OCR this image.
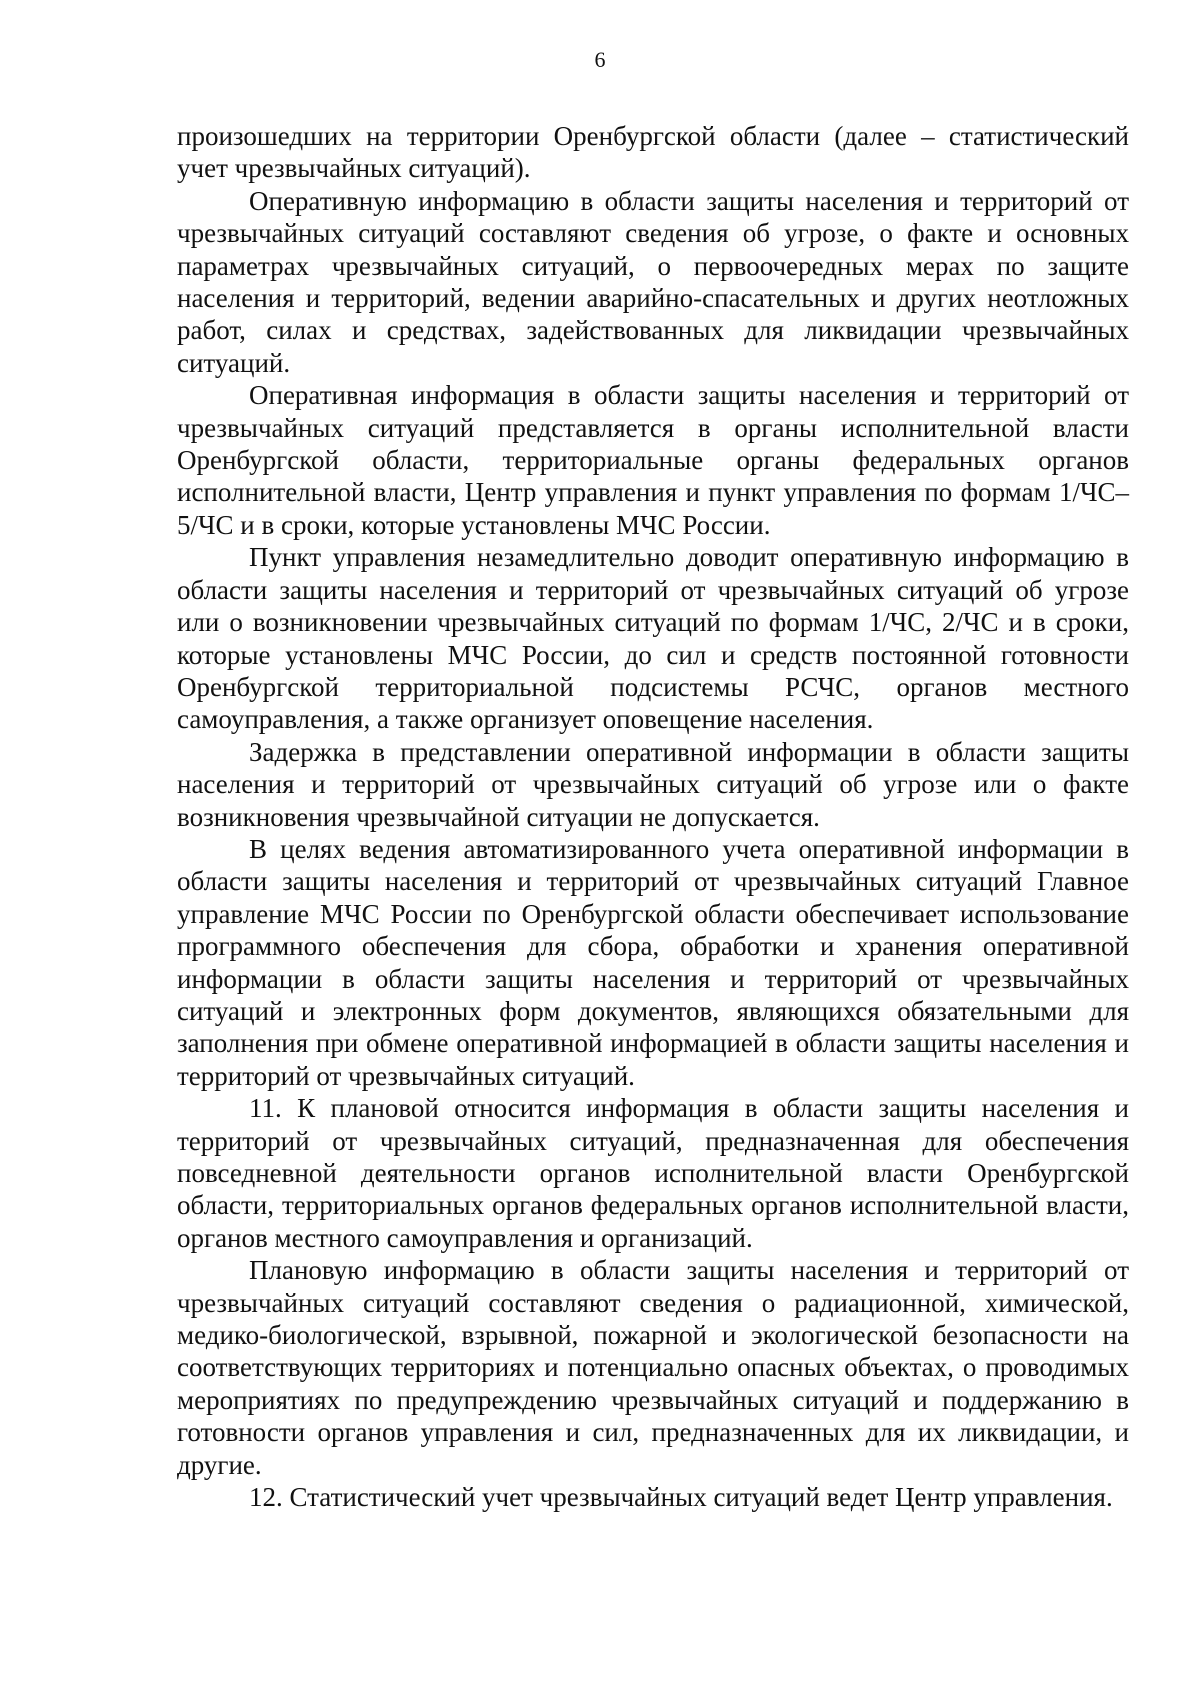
6

произошедших на территории Оренбургской области (далее – статистический учет чрезвычайных ситуаций).

Оперативную информацию в области защиты населения и территорий от чрезвычайных ситуаций составляют сведения об угрозе, о факте и основных параметрах чрезвычайных ситуаций, о первоочередных мерах по защите населения и территорий, ведении аварийно-спасательных и других неотложных работ, силах и средствах, задействованных для ликвидации чрезвычайных ситуаций.

Оперативная информация в области защиты населения и территорий от чрезвычайных ситуаций представляется в органы исполнительной власти Оренбургской области, территориальные органы федеральных органов исполнительной власти, Центр управления и пункт управления по формам 1/ЧС–5/ЧС и в сроки, которые установлены МЧС России.

Пункт управления незамедлительно доводит оперативную информацию в области защиты населения и территорий от чрезвычайных ситуаций об угрозе или о возникновении чрезвычайных ситуаций по формам 1/ЧС, 2/ЧС и в сроки, которые установлены МЧС России, до сил и средств постоянной готовности Оренбургской территориальной подсистемы РСЧС, органов местного самоуправления, а также организует оповещение населения.

Задержка в представлении оперативной информации в области защиты населения и территорий от чрезвычайных ситуаций об угрозе или о факте возникновения чрезвычайной ситуации не допускается.

В целях ведения автоматизированного учета оперативной информации в области защиты населения и территорий от чрезвычайных ситуаций Главное управление МЧС России по Оренбургской области обеспечивает использование программного обеспечения для сбора, обработки и хранения оперативной информации в области защиты населения и территорий от чрезвычайных ситуаций и электронных форм документов, являющихся обязательными для заполнения при обмене оперативной информацией в области защиты населения и территорий от чрезвычайных ситуаций.

11. К плановой относится информация в области защиты населения и территорий от чрезвычайных ситуаций, предназначенная для обеспечения повседневной деятельности органов исполнительной власти Оренбургской области, территориальных органов федеральных органов исполнительной власти, органов местного самоуправления и организаций.

Плановую информацию в области защиты населения и территорий от чрезвычайных ситуаций составляют сведения о радиационной, химической, медико-биологической, взрывной, пожарной и экологической безопасности на соответствующих территориях и потенциально опасных объектах, о проводимых мероприятиях по предупреждению чрезвычайных ситуаций и поддержанию в готовности органов управления и сил, предназначенных для их ликвидации, и другие.

12. Статистический учет чрезвычайных ситуаций ведет Центр управления.
